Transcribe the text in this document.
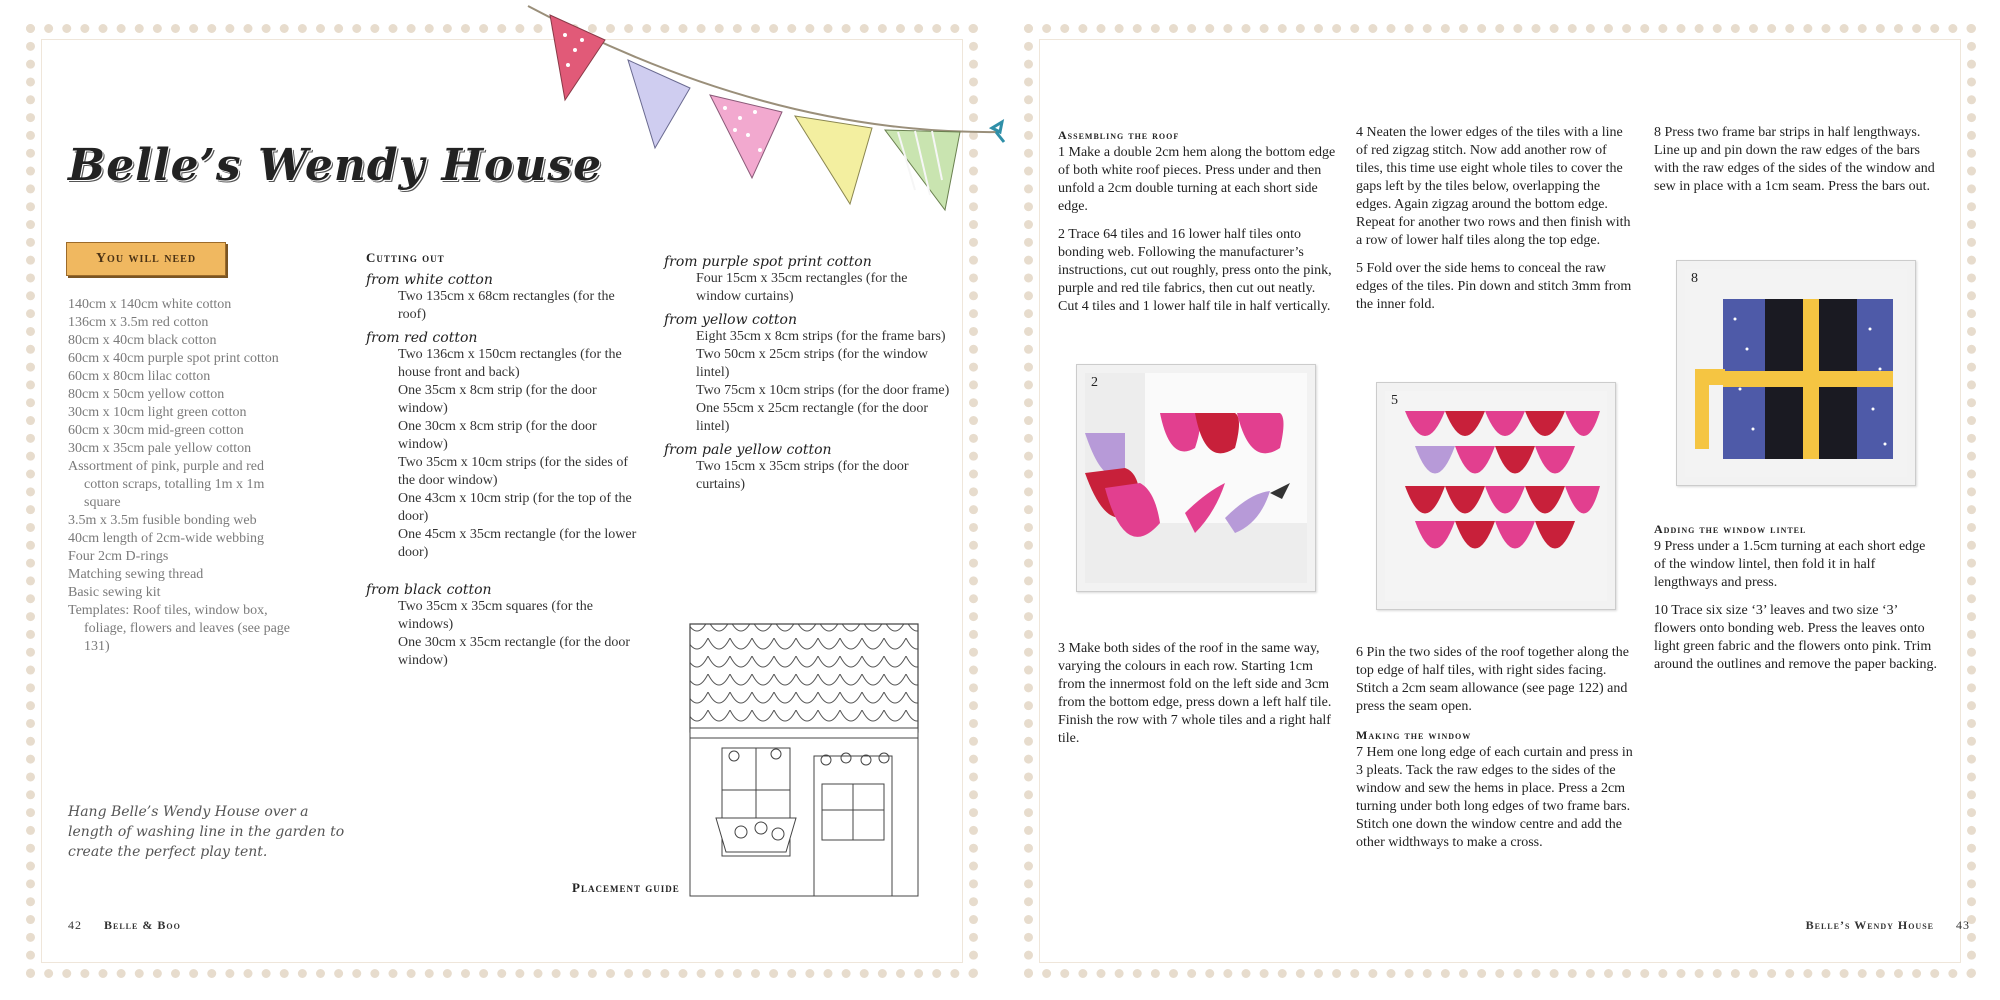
Belle’s Wendy House
You will need
140cm x 140cm white cotton
136cm x 3.5m red cotton
80cm x 40cm black cotton
60cm x 40cm purple spot print cotton
60cm x 80cm lilac cotton
80cm x 50cm yellow cotton
30cm x 10cm light green cotton
60cm x 30cm mid-green cotton
30cm x 35cm pale yellow cotton
Assortment of pink, purple and red cotton scraps, totalling 1m x 1m square
3.5m x 3.5m fusible bonding web
40cm length of 2cm-wide webbing
Four 2cm D-rings
Matching sewing thread
Basic sewing kit
Templates: Roof tiles, window box, foliage, flowers and leaves (see page 131)
Hang Belle’s Wendy House over a length of washing line in the garden to create the perfect play tent.
Cutting out
from white cotton
Two 135cm x 68cm rectangles (for the roof)
from red cotton
Two 136cm x 150cm rectangles (for the house front and back)
One 35cm x 8cm strip (for the door window)
One 30cm x 8cm strip (for the door window)
Two 35cm x 10cm strips (for the sides of the door window)
One 43cm x 10cm strip (for the top of the door)
One 45cm x 35cm rectangle (for the lower door)
from black cotton
Two 35cm x 35cm squares (for the windows)
One 30cm x 35cm rectangle (for the door window)
from purple spot print cotton
Four 15cm x 35cm rectangles (for the window curtains)
from yellow cotton
Eight 35cm x 8cm strips (for the frame bars)
Two 50cm x 25cm strips (for the window lintel)
Two 75cm x 10cm strips (for the door frame)
One 55cm x 25cm rectangle (for the door lintel)
from pale yellow cotton
Two 15cm x 35cm strips (for the door curtains)
Placement guide
42 Belle & Boo
Assembling the roof

1 Make a double 2cm hem along the bottom edge of both white roof pieces. Press under and then unfold a 2cm double turning at each short side edge.

2 Trace 64 tiles and 16 lower half tiles onto bonding web. Following the manufacturer’s instructions, cut out roughly, press onto the pink, purple and red tile fabrics, then cut out neatly. Cut 4 tiles and 1 lower half tile in half vertically.

2

3 Make both sides of the roof in the same way, varying the colours in each row. Starting 1cm from the innermost fold on the left side and 3cm from the bottom edge, press down a left half tile. Finish the row with 7 whole tiles and a right half tile.

4 Neaten the lower edges of the tiles with a line of red zigzag stitch. Now add another row of tiles, this time use eight whole tiles to cover the gaps left by the tiles below, overlapping the edges. Again zigzag around the bottom edge. Repeat for another two rows and then finish with a row of lower half tiles along the top edge.

5 Fold over the side hems to conceal the raw edges of the tiles. Pin down and stitch 3mm from the inner fold.

5

6 Pin the two sides of the roof together along the top edge of half tiles, with right sides facing. Stitch a 2cm seam allowance (see page 122) and press the seam open.

Making the window

7 Hem one long edge of each curtain and press in 3 pleats. Tack the raw edges to the sides of the window and sew the hems in place. Press a 2cm turning under both long edges of two frame bars. Stitch one down the window centre and add the other widthways to make a cross.

8 Press two frame bar strips in half lengthways. Line up and pin down the raw edges of the bars with the raw edges of the sides of the window and sew in place with a 1cm seam. Press the bars out.

8
Adding the window lintel

9 Press under a 1.5cm turning at each short edge of the window lintel, then fold it in half lengthways and press.

10 Trace six size ‘3’ leaves and two size ‘3’ flowers onto bonding web. Press the leaves onto light green fabric and the flowers onto pink. Trim around the outlines and remove the paper backing.

Belle’s Wendy House 43
